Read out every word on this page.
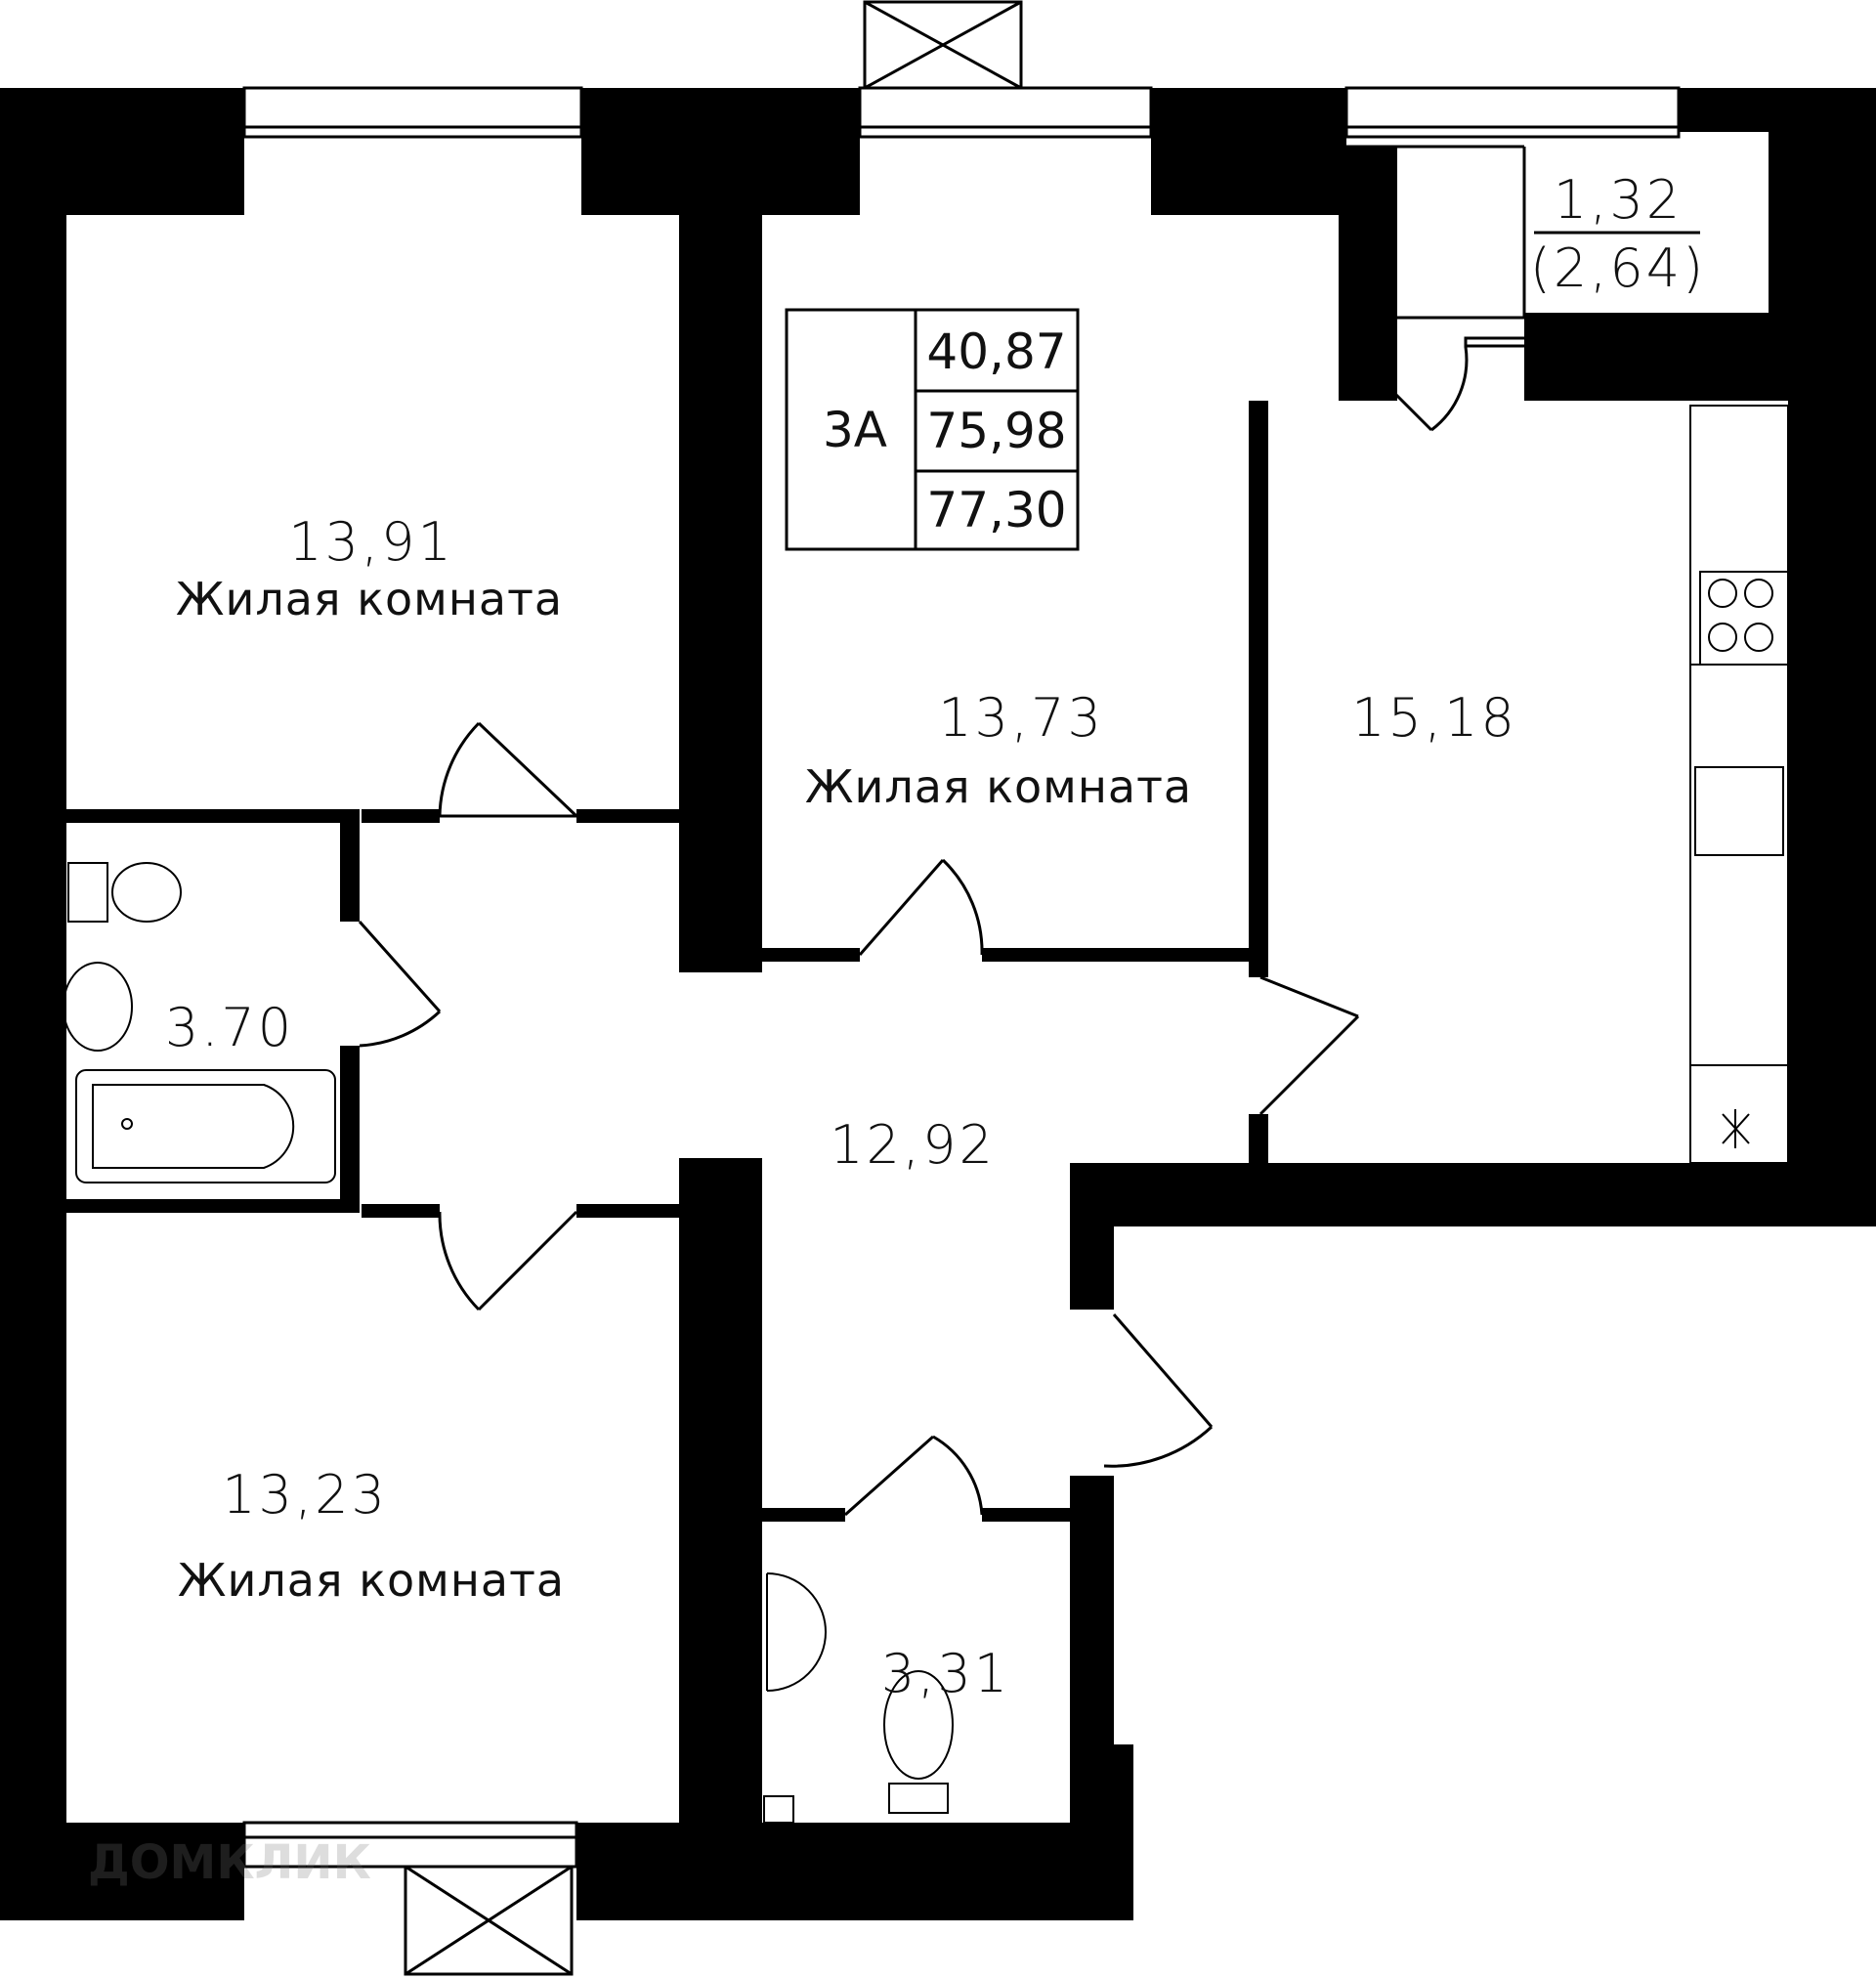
3А
40,87
75,98
77,30
13,91
Жилая комната
13,73
Жилая комната
15,18
3.70
12,92
13,23
Жилая комната
3,31
1,32
(2,64)
ДОМКЛИК
